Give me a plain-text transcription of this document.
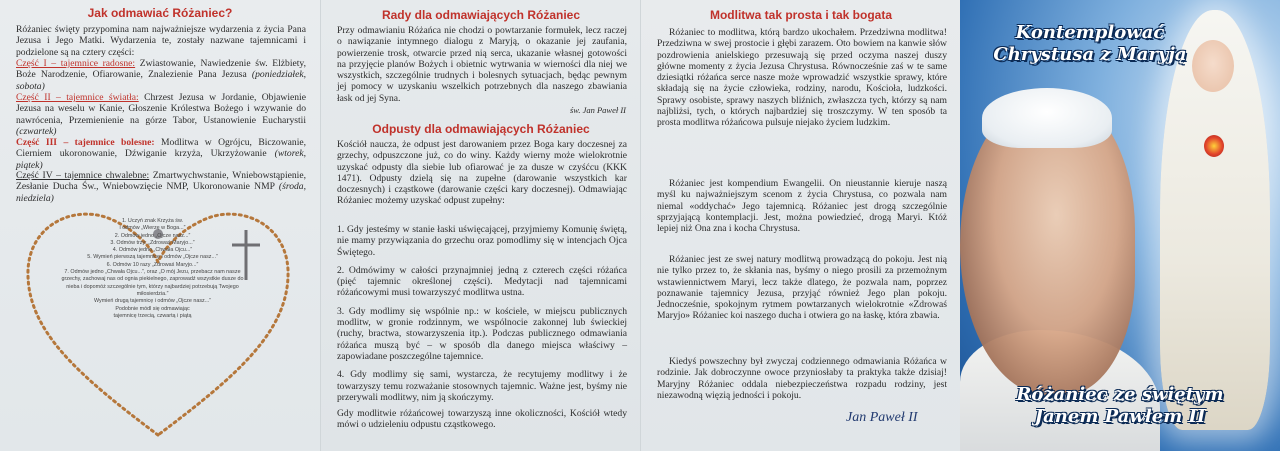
Jak odmawiać Różaniec?

Różaniec święty przypomina nam najważniejsze wydarzenia z życia Pana Jezusa i Jego Matki. Wydarzenia te, zostały nazwane tajemnicami i podzielone są na cztery części:

Część I – tajemnice radosne: Zwiastowanie, Nawiedzenie św. Elżbiety, Boże Narodzenie, Ofiarowanie, Znalezienie Pana Jezusa (poniedziałek, sobota)

Część II – tajemnice światła: Chrzest Jezusa w Jordanie, Objawienie Jezusa na weselu w Kanie, Głoszenie Królestwa Bożego i wzywanie do nawrócenia, Przemienienie na górze Tabor, Ustanowienie Eucharystii (czwartek)

Część III – tajemnice bolesne: Modlitwa w Ogrójcu, Biczowanie, Cierniem ukoronowanie, Dźwiganie krzyża, Ukrzyżowanie (wtorek, piątek)

Część IV – tajemnice chwalebne: Zmartwychwstanie, Wniebowstąpienie, Zesłanie Ducha Św., Wniebowzięcie NMP, Ukoronowanie NMP (środa, niedziela)

1. Uczyń znak Krzyża św.
i odmów „Wierzę w Boga...”
2. Odmów jedno „Ojcze nasz...”
3. Odmów trzy: „Zdrowaś Maryjo...”
4. Odmów jedno „Chwała Ojcu...”
5. Wymień pierwszą tajemnicę i odmów „Ojcze nasz...”
6. Odmów 10 razy „Zdrowaś Maryjo...”
7. Odmów jedno „Chwała Ojcu...”, oraz „O mój Jezu, przebacz nam nasze grzechy, zachowaj nas od ognia piekielnego, zaprowadź wszystkie dusze do nieba i dopomóż szczególnie tym, którzy najbardziej potrzebują Twojego miłosierdzia.”
Wymień drugą tajemnicę i odmów „Ojcze nasz...”
Podobnie módl się odmawiając tajemnicę trzecią, czwartą i piątą
Rady dla odmawiających Różaniec

Przy odmawianiu Różańca nie chodzi o powtarzanie formułek, lecz raczej o nawiązanie intymnego dialogu z Maryją, o okazanie jej zaufania, powierzenie trosk, otwarcie przed nią serca, ukazanie własnej gotowości na przyjęcie planów Bożych i obietnic wytrwania w wierności dla niej we wszystkich, szczególnie trudnych i bolesnych sytuacjach, będąc pewnym jej pomocy w uzyskaniu wszelkich potrzebnych dla naszego zbawiania łask od jej Syna.

św. Jan Paweł II
Odpusty dla odmawiających Różaniec

Kościół naucza, że odpust jest darowaniem przez Boga kary doczesnej za grzechy, odpuszczone już, co do winy. Każdy wierny może wielokrotnie uzyskać odpusty dla siebie lub ofiarować je za dusze w czyśćcu (KKK 1471). Odpusty dzielą się na zupełne (darowanie wszystkich kar doczesnych) i cząstkowe (darowanie części kary doczesnej). Odmawiając Różaniec możemy uzyskać odpust zupełny:

1. Gdy jesteśmy w stanie łaski uświęcającej, przyjmiemy Komunię świętą, nie mamy przywiązania do grzechu oraz pomodlimy się w intencjach Ojca Świętego.

2. Odmówimy w całości przynajmniej jedną z czterech części różańca (pięć tajemnic określonej części). Medytacji nad tajemnicami różańcowymi musi towarzyszyć modlitwa ustna.

3. Gdy modlimy się wspólnie np.: w kościele, w miejscu publicznych modlitw, w gronie rodzinnym, we wspólnocie zakonnej lub świeckiej (ruchy, bractwa, stowarzyszenia itp.). Podczas publicznego odmawiania różańca muszą być – w sposób dla danego miejsca właściwy – zapowiadane poszczególne tajemnice.

4. Gdy modlimy się sami, wystarcza, że recytujemy modlitwy i że towarzyszy temu rozważanie stosownych tajemnic. Ważne jest, byśmy nie przerywali modlitwy, nim ją skończymy.

Gdy modlitwie różańcowej towarzyszą inne okoliczności, Kościół wtedy mówi o udzieleniu odpustu cząstkowego.

Modlitwa tak prosta i tak bogata

Różaniec to modlitwa, którą bardzo ukochałem. Przedziwna modlitwa! Przedziwna w swej prostocie i głębi zarazem. Oto bowiem na kanwie słów pozdrowienia anielskiego przesuwają się przed oczyma naszej duszy główne momenty z życia Jezusa Chrystusa. Równocześnie zaś w te same dziesiątki różańca serce nasze może wprowadzić wszystkie sprawy, które składają się na życie człowieka, rodziny, narodu, Kościoła, ludzkości. Sprawy osobiste, sprawy naszych bliźnich, zwłaszcza tych, którzy są nam najbliżsi, tych, o których najbardziej się troszczymy. W ten sposób ta prosta modlitwa różańcowa pulsuje niejako życiem ludzkim.

Różaniec jest kompendium Ewangelii. On nieustannie kieruje naszą myśl ku najważniejszym scenom z życia Chrystusa, co pozwala nam niemal «oddychać» Jego tajemnicą. Różaniec jest drogą szczególnie sprzyjającą kontemplacji. Jest, można powiedzieć, drogą Maryi. Któż lepiej niż Ona zna i kocha Chrystusa.

Różaniec jest ze swej natury modlitwą prowadzącą do pokoju. Jest nią nie tylko przez to, że skłania nas, byśmy o niego prosili za przemożnym wstawiennictwem Maryi, lecz także dlatego, że pozwala nam, poprzez poznawanie tajemnicy Jezusa, przyjąć również Jego plan pokoju. Jednocześnie, spokojnym rytmem powtarzanych wielokrotnie «Zdrowaś Maryjo» Różaniec koi naszego ducha i otwiera go na łaskę, która zbawia.

Kiedyś powszechny był zwyczaj codziennego odmawiania Różańca w rodzinie. Jak dobroczynne owoce przyniosłaby ta praktyka także dzisiaj! Maryjny Różaniec oddala niebezpieczeństwa rozpadu rodziny, jest niezawodną więzią jedności i pokoju.

Jan Paweł II
Kontemplować Chrystusa z Maryją
Różaniec ze świętym Janem Pawłem II
